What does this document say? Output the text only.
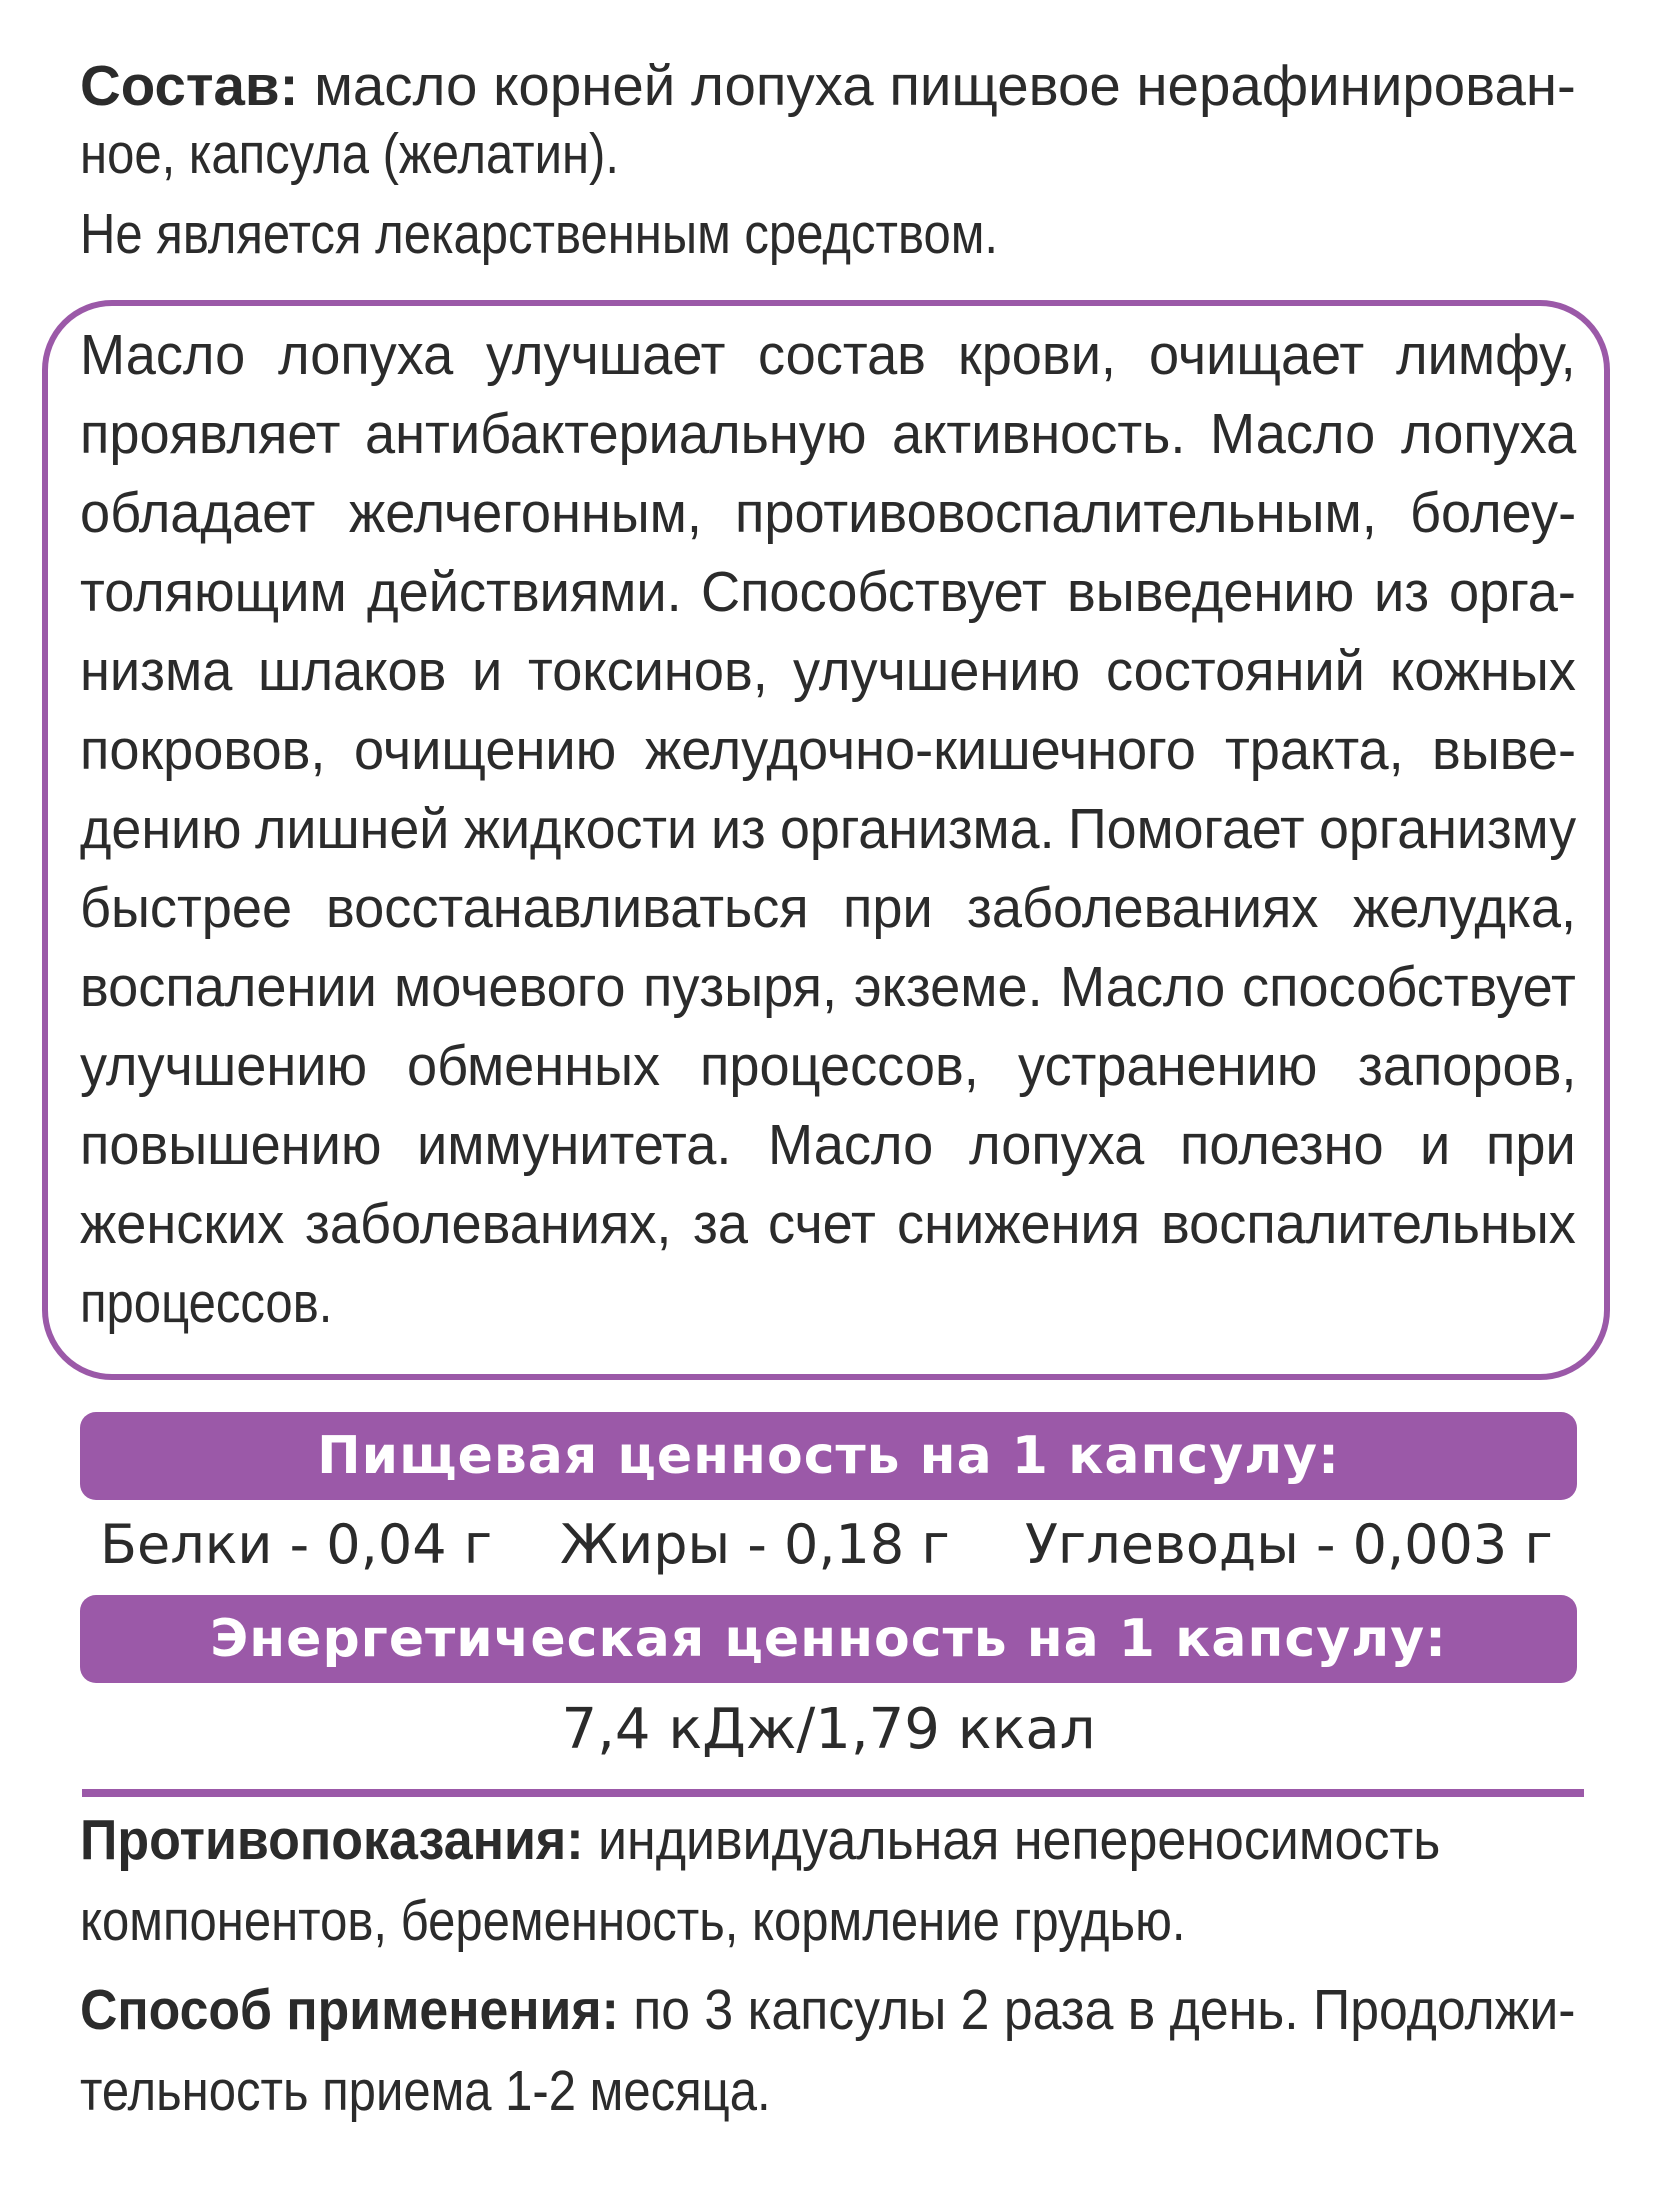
Состав: масло корней лопуха пищевое нерафинирован-
ное, капсула (желатин).
Не является лекарственным средством.
Масло лопуха улучшает состав крови, очищает лимфу,
проявляет антибактериальную активность. Масло лопуха
обладает желчегонным, противовоспалительным, болеу-
толяющим действиями. Способствует выведению из орга-
низма шлаков и токсинов, улучшению состояний кожных
покровов, очищению желудочно-кишечного тракта, выве-
дению лишней жидкости из организма. Помогает организму
быстрее восстанавливаться при заболеваниях желудка,
воспалении мочевого пузыря, экземе. Масло способствует
улучшению обменных процессов, устранению запоров,
повышению иммунитета. Масло лопуха полезно и при
женских заболеваниях, за счет снижения воспалительных
процессов.
Пищевая ценность на 1 капсулу:
Белки - 0,04 г Жиры - 0,18 г Углеводы - 0,003 г
Энергетическая ценность на 1 капсулу:
7,4 кДж/1,79 ккал
Противопоказания: индивидуальная непереносимость
компонентов, беременность, кормление грудью.
Способ применения: по 3 капсулы 2 раза в день. Продолжи-
тельность приема 1-2 месяца.
